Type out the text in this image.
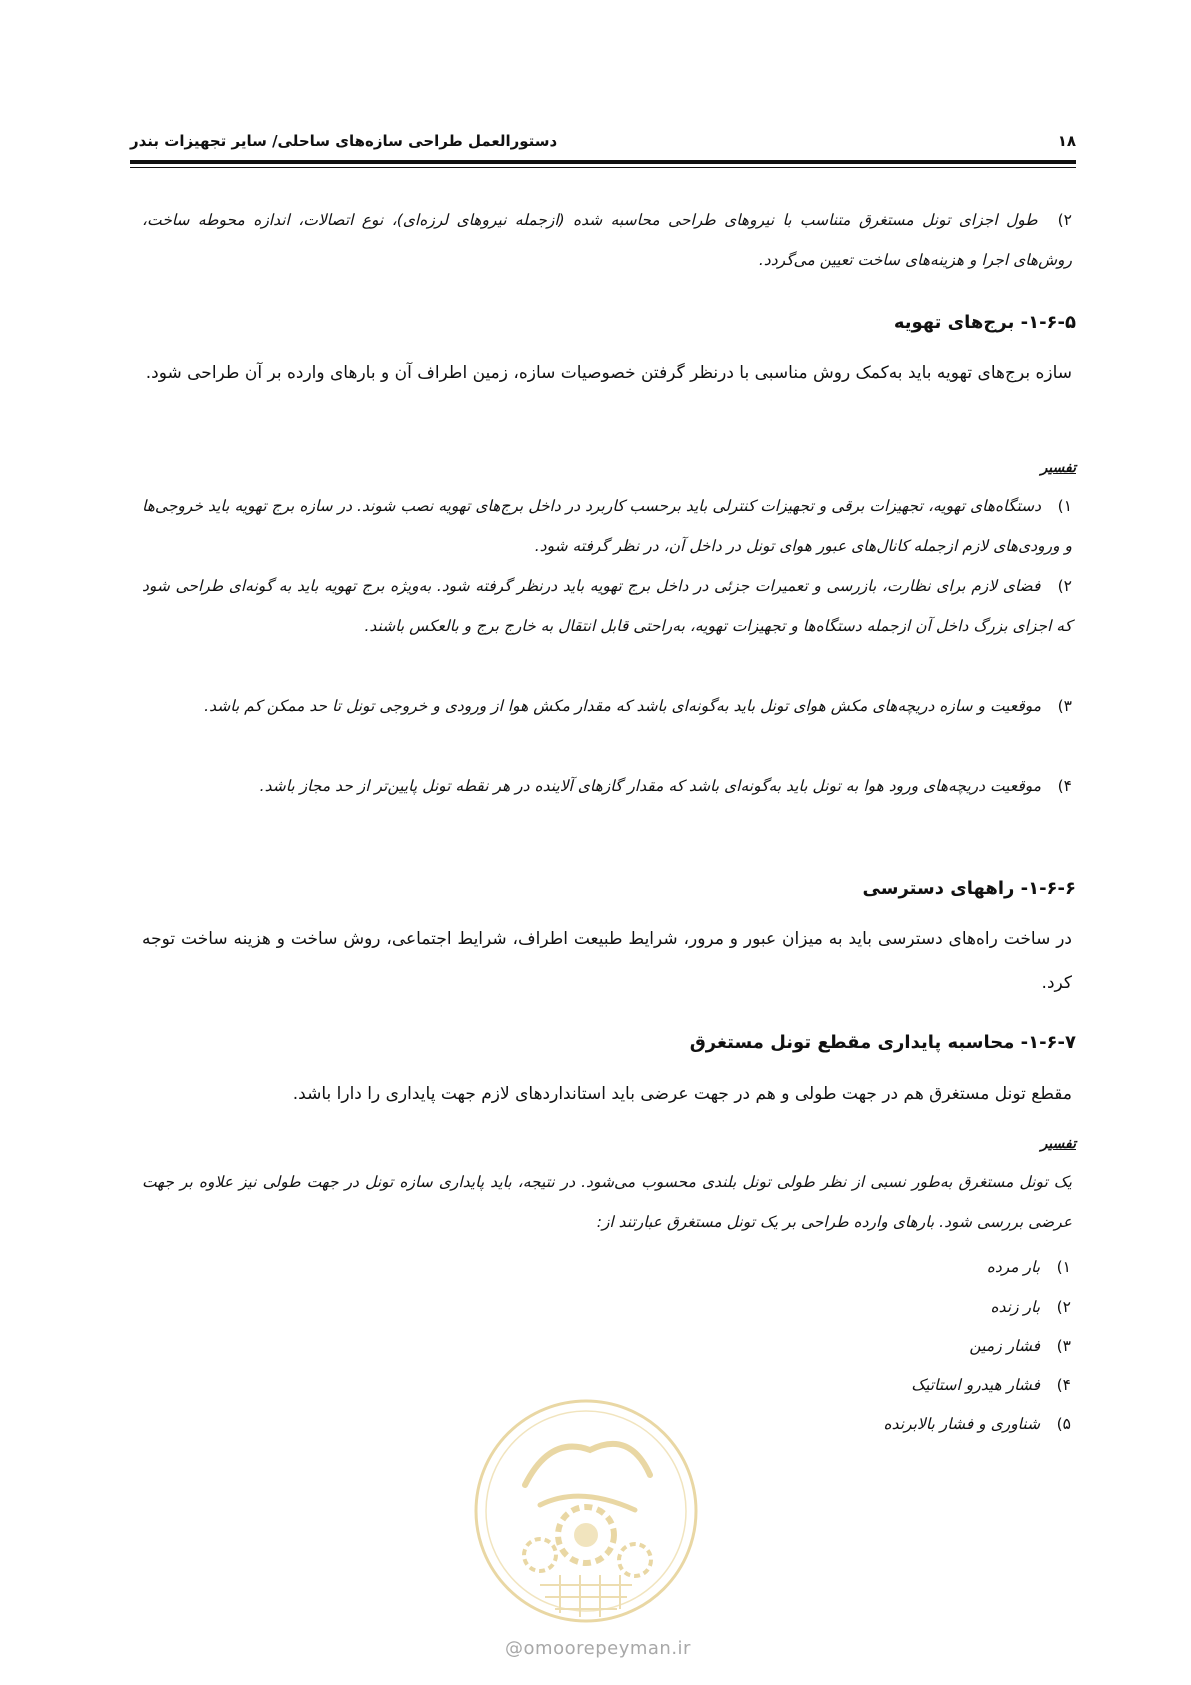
۱۸
دستورالعمل طراحی سازه‌های ساحلی/ سایر تجهیزات بندر
۲) طول اجزای تونل مستغرق متناسب با نیروهای طراحی محاسبه شده (ازجمله نیروهای لرزه‌ای)، نوع اتصالات، اندازه محوطه ساخت، روش‌های اجرا و هزینه‌های ساخت تعیین می‌گردد.
۱-۶-۵- برج‌های تهویه
سازه برج‌های تهویه باید به‌کمک روش مناسبی با درنظر گرفتن خصوصیات سازه، زمین اطراف آن و بارهای وارده بر آن طراحی شود.
تفسیر
۱) دستگاه‌های تهویه، تجهیزات برقی و تجهیزات کنترلی باید برحسب کاربرد در داخل برج‌های تهویه نصب شوند. در سازه برج تهویه باید خروجی‌ها و ورودی‌های لازم ازجمله کانال‌های عبور هوای تونل در داخل آن، در نظر گرفته شود.
۲) فضای لازم برای نظارت، بازرسی و تعمیرات جزئی در داخل برج تهویه باید درنظر گرفته شود. به‌ویژه برج تهویه باید به گونه‌ای طراحی شود که اجزای بزرگ داخل آن ازجمله دستگاه‌ها و تجهیزات تهویه، به‌راحتی قابل انتقال به خارج برج و بالعکس باشند.
۳) موقعیت و سازه دریچه‌های مکش هوای تونل باید به‌گونه‌ای باشد که مقدار مکش هوا از ورودی و خروجی تونل تا حد ممکن کم باشد.
۴) موقعیت دریچه‌های ورود هوا به تونل باید به‌گونه‌ای باشد که مقدار گازهای آلاینده در هر نقطه تونل پایین‌تر از حد مجاز باشد.
۱-۶-۶- راههای دسترسی
در ساخت راه‌های دسترسی باید به میزان عبور و مرور، شرایط طبیعت اطراف، شرایط اجتماعی، روش ساخت و هزینه ساخت توجه کرد.
۱-۶-۷- محاسبه پایداری مقطع تونل مستغرق
مقطع تونل مستغرق هم در جهت طولی و هم در جهت عرضی باید استانداردهای لازم جهت پایداری را دارا باشد.
تفسیر
یک تونل مستغرق به‌طور نسبی از نظر طولی تونل بلندی محسوب می‌شود. در نتیجه، باید پایداری سازه تونل در جهت طولی نیز علاوه بر جهت عرضی بررسی شود. بارهای وارده طراحی بر یک تونل مستغرق عبارتند از:
۱) بار مرده
۲) بار زنده
۳) فشار زمین
۴) فشار هیدرو استاتیک
۵) شناوری و فشار بالابرنده
@omoorepeyman.ir
